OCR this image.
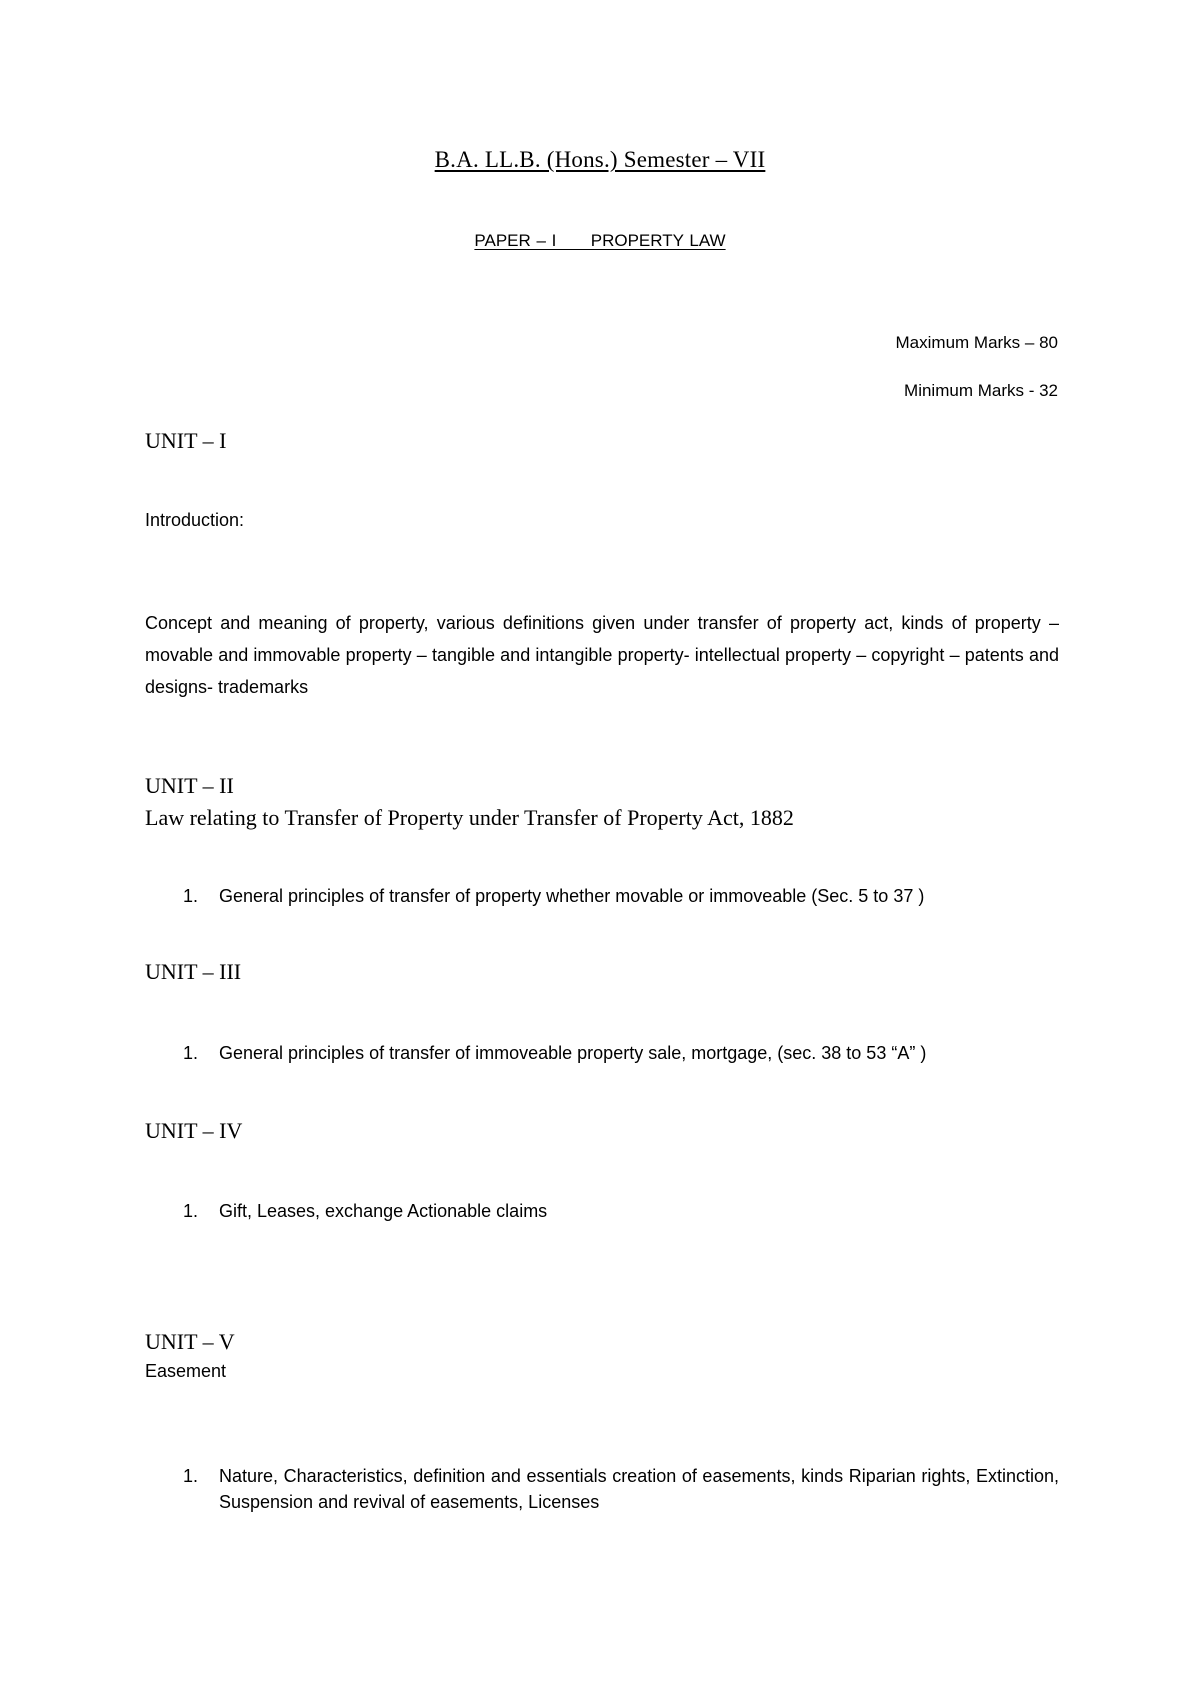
B.A. LL.B. (Hons.) Semester – VII
PAPER – I      PROPERTY LAW
Maximum Marks – 80
Minimum Marks - 32
UNIT – I
Introduction:
Concept and meaning of property, various definitions given under transfer of property act, kinds of property – movable and immovable property – tangible and intangible property- intellectual property – copyright – patents and designs- trademarks
UNIT – II
Law relating to Transfer of Property under Transfer of Property Act, 1882
1.	General principles of transfer of property whether movable or immoveable (Sec. 5 to 37 )
UNIT – III
1.	General principles of transfer of immoveable property sale, mortgage, (sec. 38 to 53 “A” )
UNIT – IV
1.	Gift, Leases, exchange Actionable claims
UNIT – V
Easement
1.	Nature, Characteristics, definition and essentials creation of easements, kinds Riparian rights, Extinction, Suspension and revival of easements, Licenses
